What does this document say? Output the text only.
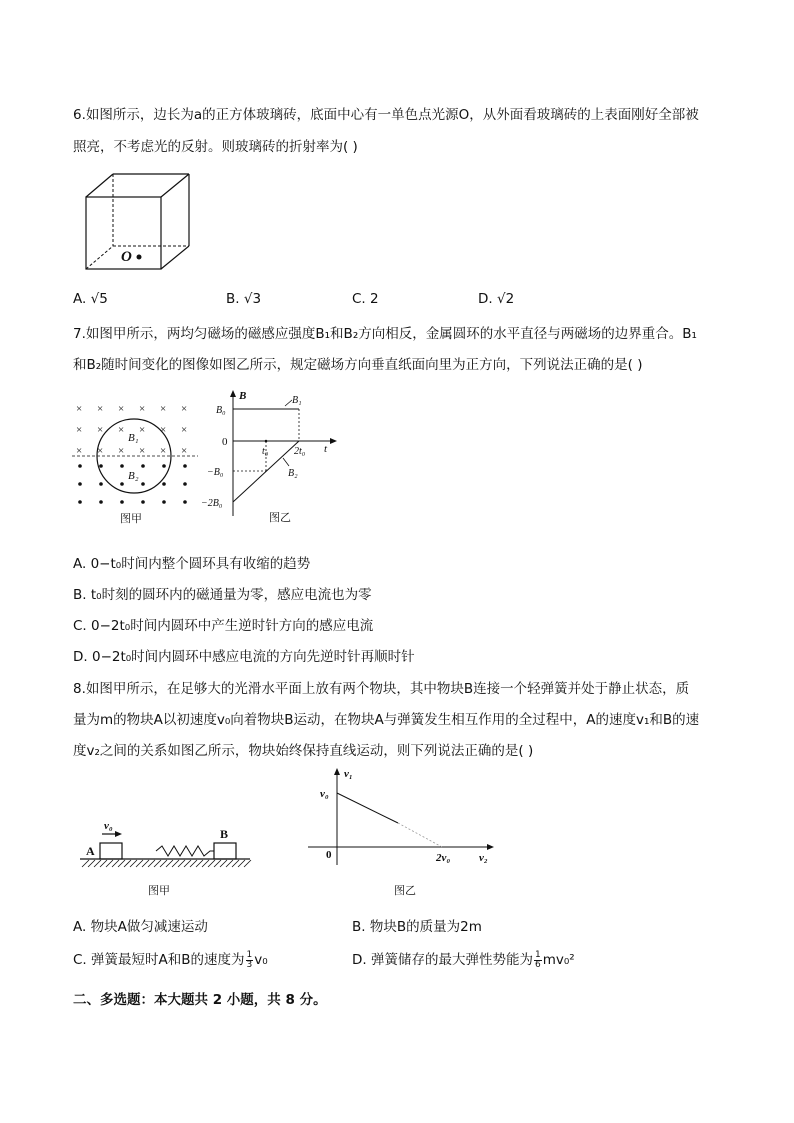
6.如图所示，边长为a的正方体玻璃砖，底面中心有一单色点光源O，从外面看玻璃砖的上表面刚好全部被
照亮，不考虑光的反射。则玻璃砖的折射率为( )
O
A. √5	B. √3	C. 2	D. √2
7.如图甲所示，两均匀磁场的磁感应强度B₁和B₂方向相反，金属圆环的水平直径与两磁场的边界重合。B₁
和B₂随时间变化的图像如图乙所示，规定磁场方向垂直纸面向里为正方向，下列说法正确的是( )
× × × × × ×
× × × × × ×
× × × × × ×
B₁
B₂
图甲
B
t
0
B₀
−B₀
−2B₀
t₀	2t₀
B₁
B₂
图乙
A. 0−t₀时间内整个圆环具有收缩的趋势
B. t₀时刻的圆环内的磁通量为零，感应电流也为零
C. 0−2t₀时间内圆环中产生逆时针方向的感应电流
D. 0−2t₀时间内圆环中感应电流的方向先逆时针再顺时针
8.如图甲所示，在足够大的光滑水平面上放有两个物块，其中物块B连接一个轻弹簧并处于静止状态，质
量为m的物块A以初速度v₀向着物块B运动，在物块A与弹簧发生相互作用的全过程中，A的速度v₁和B的速
度v₂之间的关系如图乙所示，物块始终保持直线运动，则下列说法正确的是( )
v₀
A
B
图甲
v₁
v₂
0
v₀
2v₀
图乙
A. 物块A做匀减速运动	B. 物块B的质量为2m
C. 弹簧最短时A和B的速度为 $\frac{1}{3} v_0$	D. 弹簧储存的最大弹性势能为 $\frac{1}{6} mv_0^2$
二、多选题：本大题共 2 小题，共 8 分。
